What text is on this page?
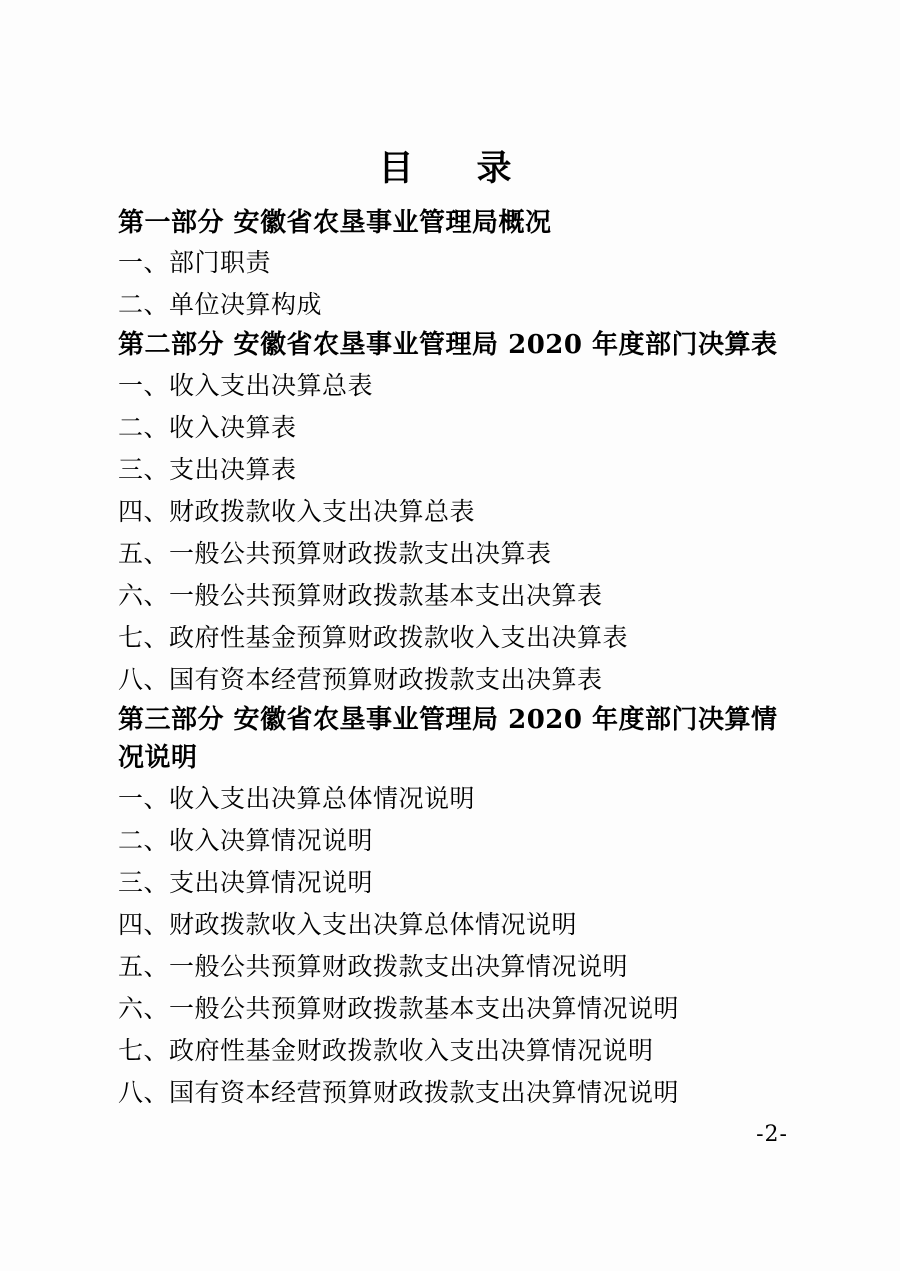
目　录
第一部分 安徽省农垦事业管理局概况
一、部门职责
二、单位决算构成
第二部分 安徽省农垦事业管理局 2020 年度部门决算表
一、收入支出决算总表
二、收入决算表
三、支出决算表
四、财政拨款收入支出决算总表
五、一般公共预算财政拨款支出决算表
六、一般公共预算财政拨款基本支出决算表
七、政府性基金预算财政拨款收入支出决算表
八、国有资本经营预算财政拨款支出决算表
第三部分 安徽省农垦事业管理局 2020 年度部门决算情况说明
一、收入支出决算总体情况说明
二、收入决算情况说明
三、支出决算情况说明
四、财政拨款收入支出决算总体情况说明
五、一般公共预算财政拨款支出决算情况说明
六、一般公共预算财政拨款基本支出决算情况说明
七、政府性基金财政拨款收入支出决算情况说明
八、国有资本经营预算财政拨款支出决算情况说明
-2-
